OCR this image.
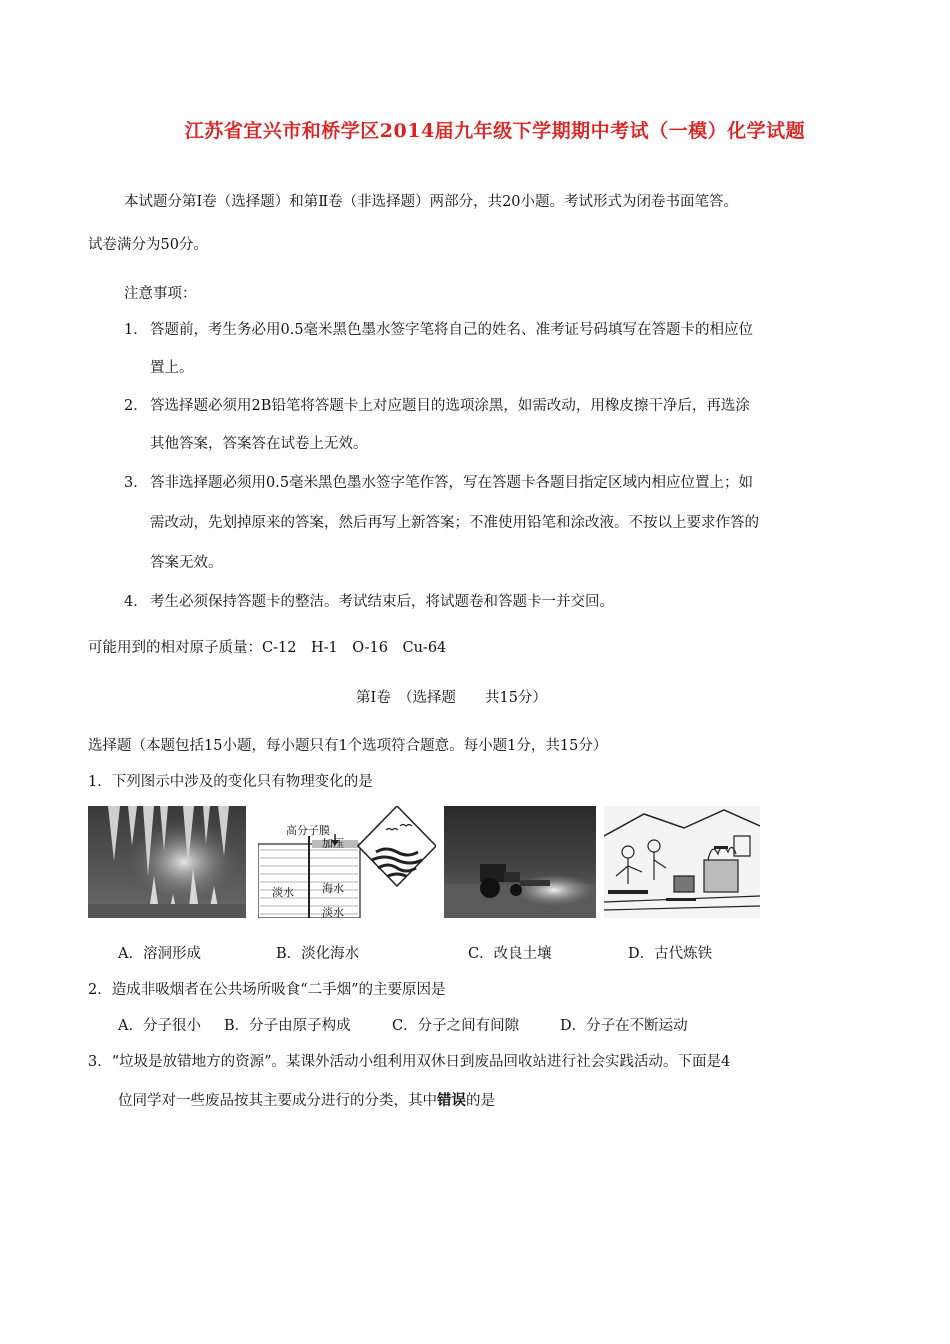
江苏省宜兴市和桥学区2014届九年级下学期期中考试（一模）化学试题
本试题分第Ⅰ卷（选择题）和第Ⅱ卷（非选择题）两部分，共20小题。考试形式为闭卷书面笔答。
试卷满分为50分。
注意事项：
1． 答题前，考生务必用0.5毫米黑色墨水签字笔将自己的姓名、准考证号码填写在答题卡的相应位
置上。
2． 答选择题必须用2B铅笔将答题卡上对应题目的选项涂黑，如需改动，用橡皮擦干净后，再选涂
其他答案，答案答在试卷上无效。
3． 答非选择题必须用0.5毫米黑色墨水签字笔作答，写在答题卡各题目指定区域内相应位置上；如
需改动，先划掉原来的答案，然后再写上新答案；不准使用铅笔和涂改液。不按以上要求作答的
答案无效。
4． 考生必须保持答题卡的整洁。考试结束后，将试题卷和答题卡一并交回。
可能用到的相对原子质量：C-12　H-1　O-16　Cu-64
第Ⅰ卷　（选择题　　共15分）
选择题（本题包括15小题，每小题只有1个选项符合题意。每小题1分，共15分）
1．下列图示中涉及的变化只有物理变化的是
高分子膜
加压
淡水	海水
淡水
A．溶洞形成	B．淡化海水	C．改良土壤	D．古代炼铁
2．造成非吸烟者在公共场所吸食“二手烟”的主要原因是
A．分子很小 B．分子由原子构成	C．分子之间有间隙	D．分子在不断运动
3．“垃圾是放错地方的资源”。某课外活动小组利用双休日到废品回收站进行社会实践活动。下面是4
位同学对一些废品按其主要成分进行的分类，其中错误的是
